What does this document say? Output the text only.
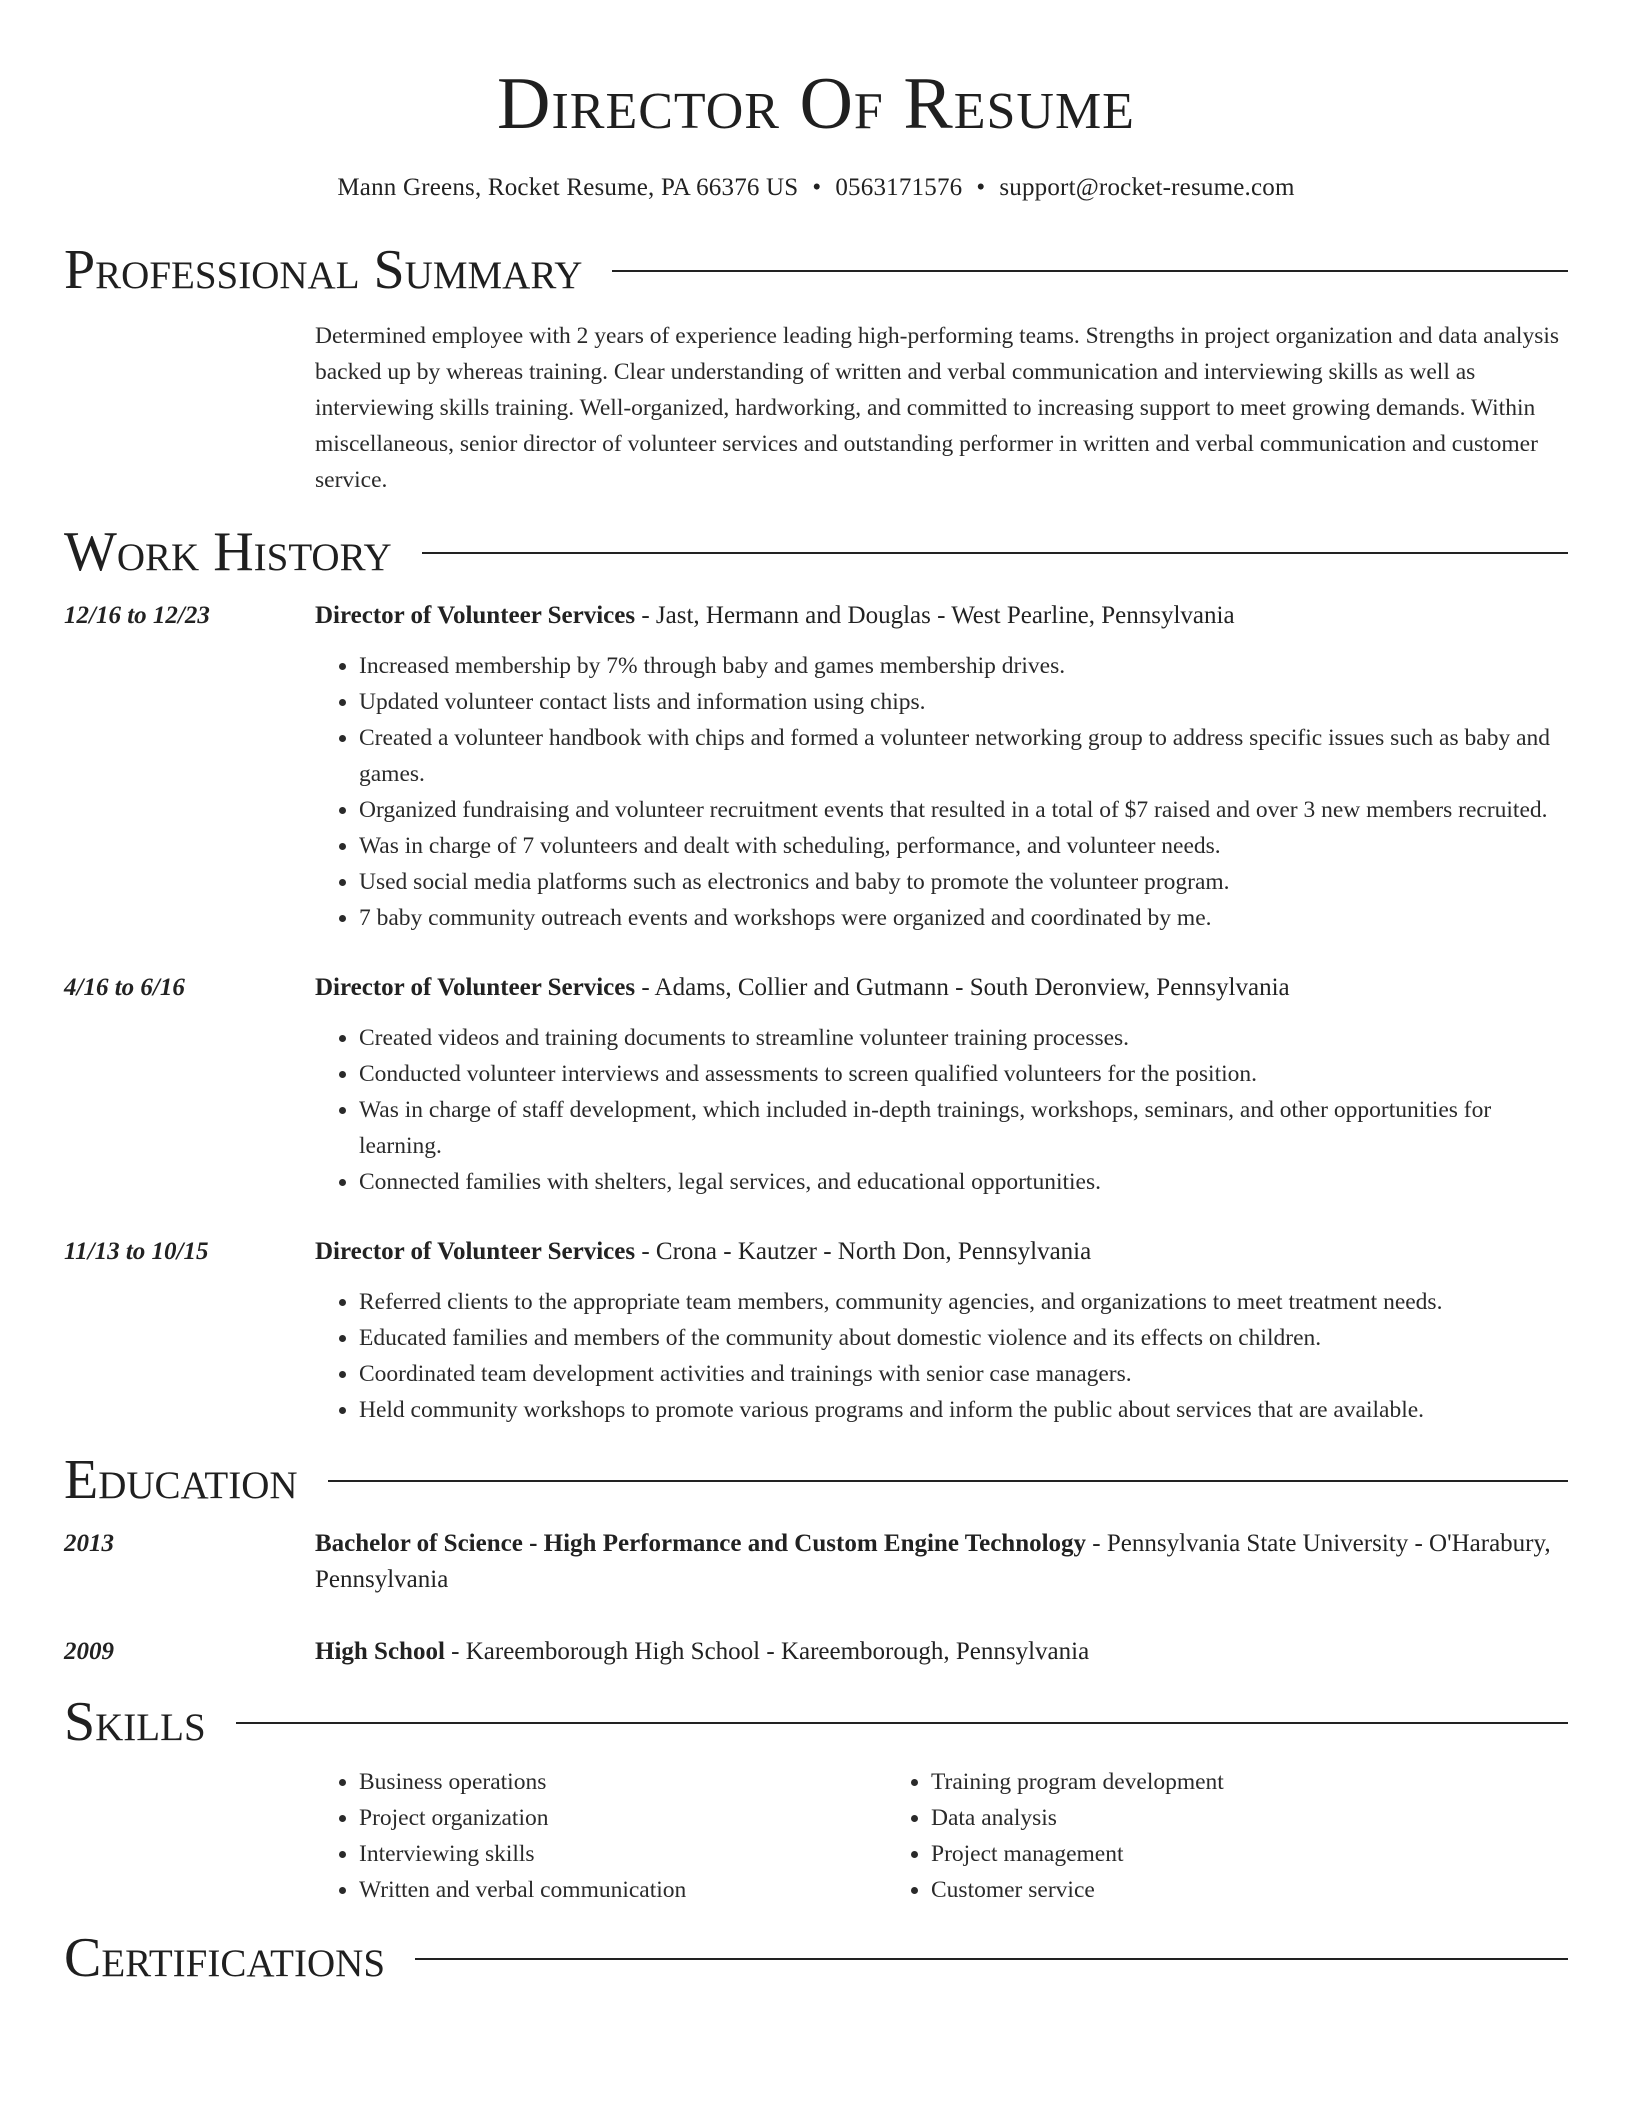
Director Of Resume
Mann Greens, Rocket Resume, PA 66376 US • 0563171576 • support@rocket-resume.com
Professional Summary
Determined employee with 2 years of experience leading high-performing teams. Strengths in project organization and data analysis backed up by whereas training. Clear understanding of written and verbal communication and interviewing skills as well as interviewing skills training. Well-organized, hardworking, and committed to increasing support to meet growing demands. Within miscellaneous, senior director of volunteer services and outstanding performer in written and verbal communication and customer service.
Work History
12/16 to 12/23	Director of Volunteer Services - Jast, Hermann and Douglas - West Pearline, Pennsylvania
• Increased membership by 7% through baby and games membership drives.
• Updated volunteer contact lists and information using chips.
• Created a volunteer handbook with chips and formed a volunteer networking group to address specific issues such as baby and games.
• Organized fundraising and volunteer recruitment events that resulted in a total of $7 raised and over 3 new members recruited.
• Was in charge of 7 volunteers and dealt with scheduling, performance, and volunteer needs.
• Used social media platforms such as electronics and baby to promote the volunteer program.
• 7 baby community outreach events and workshops were organized and coordinated by me.
4/16 to 6/16	Director of Volunteer Services - Adams, Collier and Gutmann - South Deronview, Pennsylvania
• Created videos and training documents to streamline volunteer training processes.
• Conducted volunteer interviews and assessments to screen qualified volunteers for the position.
• Was in charge of staff development, which included in-depth trainings, workshops, seminars, and other opportunities for learning.
• Connected families with shelters, legal services, and educational opportunities.
11/13 to 10/15	Director of Volunteer Services - Crona - Kautzer - North Don, Pennsylvania
• Referred clients to the appropriate team members, community agencies, and organizations to meet treatment needs.
• Educated families and members of the community about domestic violence and its effects on children.
• Coordinated team development activities and trainings with senior case managers.
• Held community workshops to promote various programs and inform the public about services that are available.
Education
2013	Bachelor of Science - High Performance and Custom Engine Technology - Pennsylvania State University - O'Harabury, Pennsylvania
2009	High School - Kareemborough High School - Kareemborough, Pennsylvania
Skills
• Business operations
• Project organization
• Interviewing skills
• Written and verbal communication
• Training program development
• Data analysis
• Project management
• Customer service
Certifications
